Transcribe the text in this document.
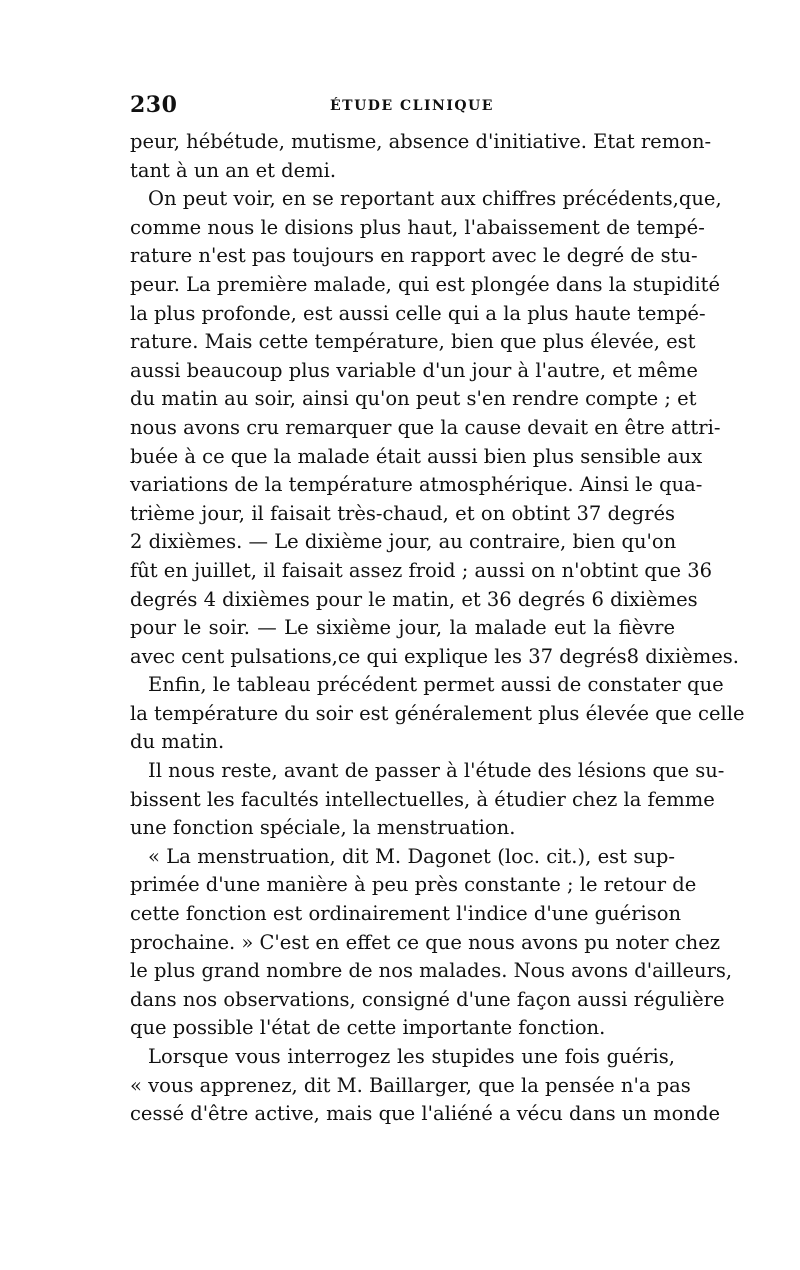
230	ÉTUDE CLINIQUE
peur, hébétude, mutisme, absence d'initiative. Etat remon-
tant à un an et demi.
On peut voir, en se reportant aux chiffres précédents,que,
comme nous le disions plus haut, l'abaissement de tempé-
rature n'est pas toujours en rapport avec le degré de stu-
peur. La première malade, qui est plongée dans la stupidité
la plus profonde, est aussi celle qui a la plus haute tempé-
rature. Mais cette température, bien que plus élevée, est
aussi beaucoup plus variable d'un jour à l'autre, et même
du matin au soir, ainsi qu'on peut s'en rendre compte ; et
nous avons cru remarquer que la cause devait en être attri-
buée à ce que la malade était aussi bien plus sensible aux
variations de la température atmosphérique. Ainsi le qua-
trième jour, il faisait très-chaud, et on obtint 37 degrés
2 dixièmes. — Le dixième jour, au contraire, bien qu'on
fût en juillet, il faisait assez froid ; aussi on n'obtint que 36
degrés 4 dixièmes pour le matin, et 36 degrés 6 dixièmes
pour le soir. — Le sixième jour, la malade eut la fièvre
avec cent pulsations,ce qui explique les 37 degrés8 dixièmes.
Enfin, le tableau précédent permet aussi de constater que
la température du soir est généralement plus élevée que celle
du matin.
Il nous reste, avant de passer à l'étude des lésions que su-
bissent les facultés intellectuelles, à étudier chez la femme
une fonction spéciale, la menstruation.
« La menstruation, dit M. Dagonet (loc. cit.), est sup-
primée d'une manière à peu près constante ; le retour de
cette fonction est ordinairement l'indice d'une guérison
prochaine. » C'est en effet ce que nous avons pu noter chez
le plus grand nombre de nos malades. Nous avons d'ailleurs,
dans nos observations, consigné d'une façon aussi régulière
que possible l'état de cette importante fonction.
Lorsque vous interrogez les stupides une fois guéris,
« vous apprenez, dit M. Baillarger, que la pensée n'a pas
cessé d'être active, mais que l'aliéné a vécu dans un monde
